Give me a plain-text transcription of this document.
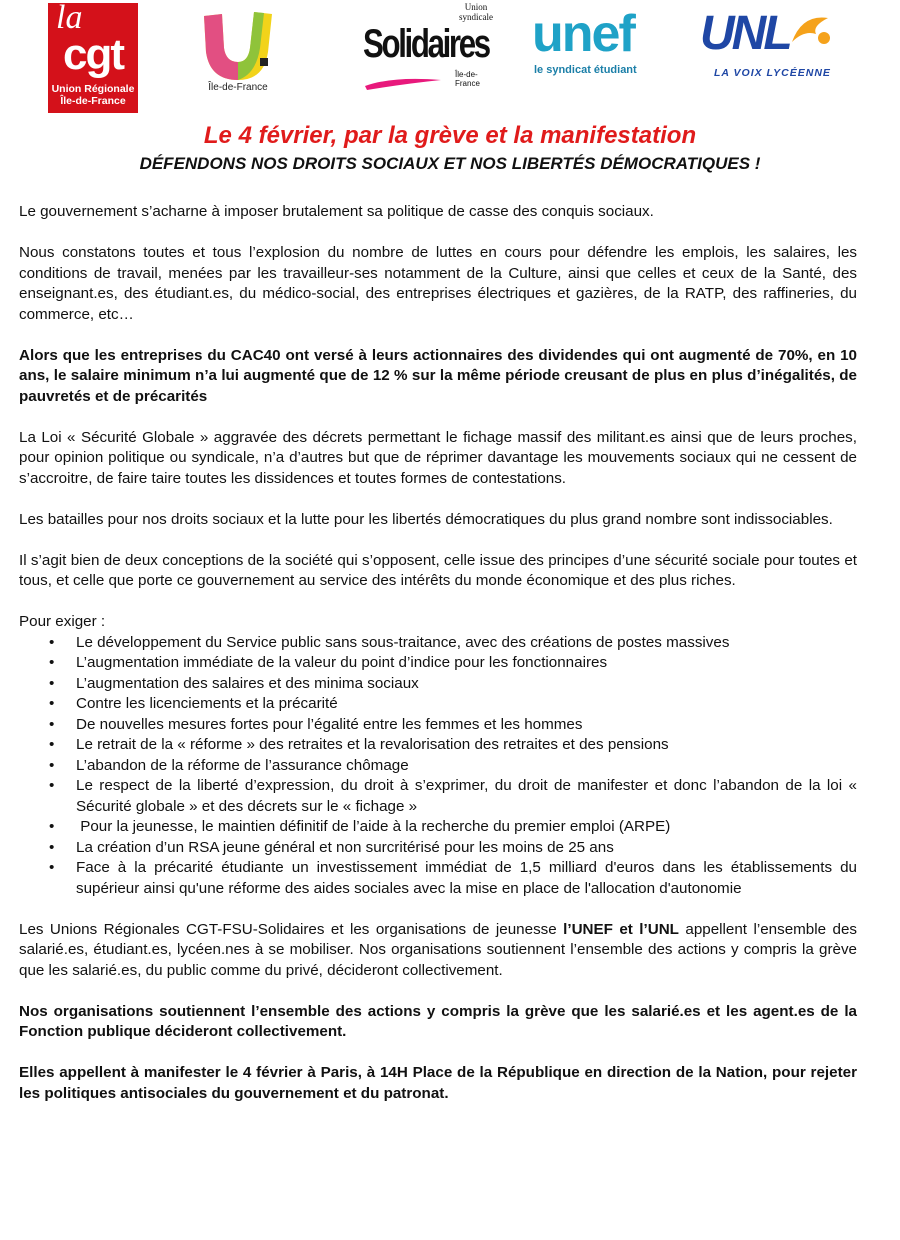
la
cgt
Union Régionale
Île-de-France
Île-de-France
Union
syndicale
Solidaires
Île-de-France
unef
le syndicat étudiant
UNL
LA VOIX LYCÉENNE
Le 4 février, par la grève et la manifestation
DÉFENDONS NOS DROITS SOCIAUX ET NOS LIBERTÉS DÉMOCRATIQUES !

Le gouvernement s’acharne à imposer brutalement sa politique de casse des conquis sociaux.

Nous constatons toutes et tous l’explosion du nombre de luttes en cours pour défendre les emplois, les salaires, les conditions de travail, menées par les travailleur-ses notamment de la Culture, ainsi que celles et ceux de la Santé, des enseignant.es, des étudiant.es, du médico-social, des entreprises électriques et gazières, de la RATP, des raffineries, du commerce, etc…

Alors que les entreprises du CAC40 ont versé à leurs actionnaires des dividendes qui ont augmenté de 70%, en 10 ans, le salaire minimum n’a lui augmenté que de 12 % sur la même période creusant de plus en plus d’inégalités, de pauvretés et de précarités

La Loi « Sécurité Globale » aggravée des décrets permettant le fichage massif des militant.es ainsi que de leurs proches, pour opinion politique ou syndicale, n’a d’autres but que de réprimer davantage les mouvements sociaux qui ne cessent de s’accroitre, de faire taire toutes les dissidences et toutes formes de contestations.

Les batailles pour nos droits sociaux et la lutte pour les libertés démocratiques du plus grand nombre sont indissociables.

Il s’agit bien de deux conceptions de la société qui s’opposent, celle issue des principes d’une sécurité sociale pour toutes et tous, et celle que porte ce gouvernement au service des intérêts du monde économique et des plus riches.

Pour exiger :

• Le développement du Service public sans sous-traitance, avec des créations de postes massives
• L’augmentation immédiate de la valeur du point d’indice pour les fonctionnaires
• L’augmentation des salaires et des minima sociaux
• Contre les licenciements et la précarité
• De nouvelles mesures fortes pour l’égalité entre les femmes et les hommes
• Le retrait de la « réforme » des retraites et la revalorisation des retraites et des pensions
• L’abandon de la réforme de l’assurance chômage
• Le respect de la liberté d’expression, du droit à s’exprimer, du droit de manifester et donc l’abandon de la loi « Sécurité globale » et des décrets sur le « fichage »
• Pour la jeunesse, le maintien définitif de l’aide à la recherche du premier emploi (ARPE)
• La création d’un RSA jeune général et non surcritérisé pour les moins de 25 ans
• Face à la précarité étudiante un investissement immédiat de 1,5 milliard d'euros dans les établissements du supérieur ainsi qu'une réforme des aides sociales avec la mise en place de l'allocation d'autonomie

Les Unions Régionales CGT-FSU-Solidaires et les organisations de jeunesse l’UNEF et l’UNL appellent l’ensemble des salarié.es, étudiant.es, lycéen.nes à se mobiliser. Nos organisations soutiennent l’ensemble des actions y compris la grève que les salarié.es, du public comme du privé, décideront collectivement.

Nos organisations soutiennent l’ensemble des actions y compris la grève que les salarié.es et les agent.es de la Fonction publique décideront collectivement.

Elles appellent à manifester le 4 février à Paris, à 14H Place de la République en direction de la Nation, pour rejeter les politiques antisociales du gouvernement et du patronat.
